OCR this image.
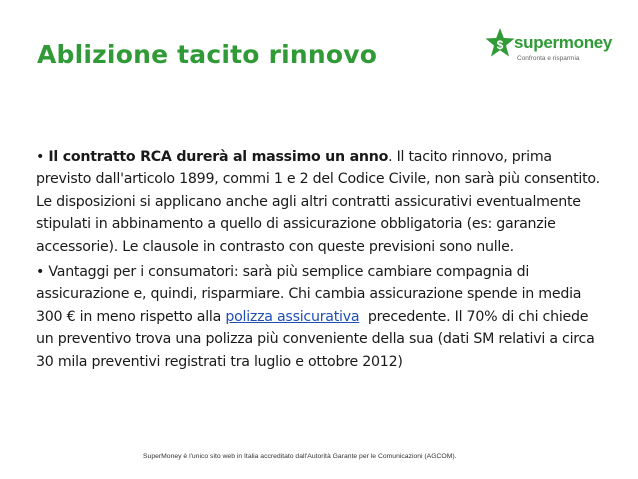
Ablizione tacito rinnovo	$ supermoney
Confronta e risparmia

• Il contratto RCA durerà al massimo un anno. Il tacito rinnovo, prima previsto dall'articolo 1899, commi 1 e 2 del Codice Civile, non sarà più consentito. Le disposizioni si applicano anche agli altri contratti assicurativi eventualmente stipulati in abbinamento a quello di assicurazione obbligatoria (es: garanzie accessorie). Le clausole in contrasto con queste previsioni sono nulle.

• Vantaggi per i consumatori: sarà più semplice cambiare compagnia di assicurazione e, quindi, risparmiare. Chi cambia assicurazione spende in media 300 € in meno rispetto alla polizza assicurativa  precedente. Il 70% di chi chiede un preventivo trova una polizza più conveniente della sua (dati SM relativi a circa 30 mila preventivi registrati tra luglio e ottobre 2012)

SuperMoney è l'unico sito web in Italia accreditato dall'Autorità Garante per le Comunicazioni (AGCOM).
